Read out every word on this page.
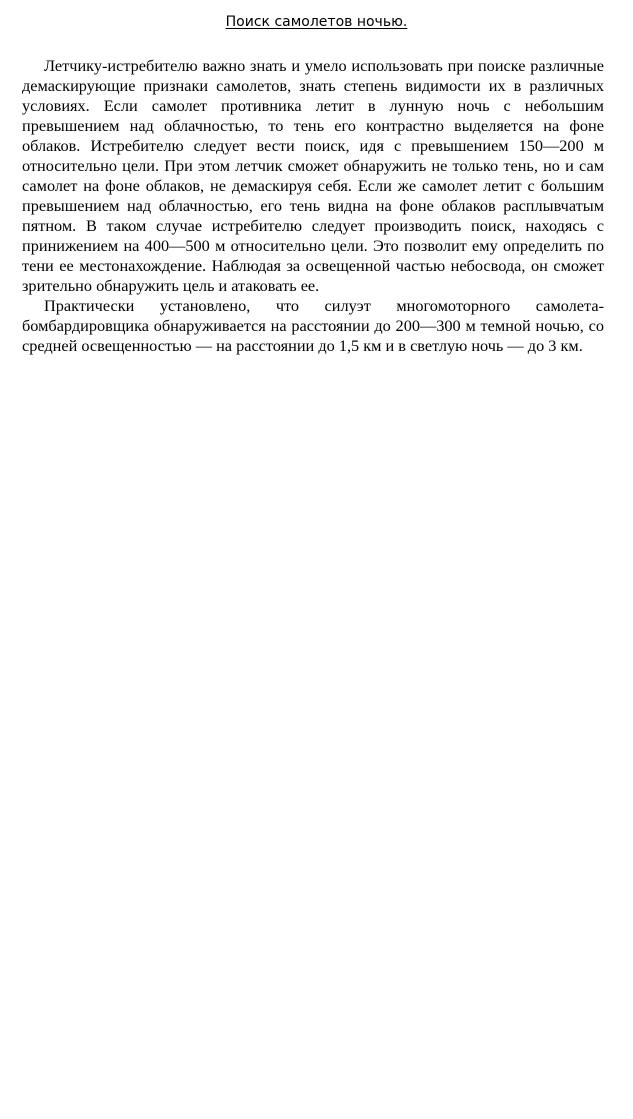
Поиск самолетов ночью.

Летчику-истребителю важно знать и умело использовать при поиске различные демаскирующие признаки самолетов, знать степень видимости их в различных условиях. Если самолет противника летит в лунную ночь с небольшим превышением над облачностью, то тень его контрастно выделяется на фоне облаков. Истребителю следует вести поиск, идя с превышением 150—200 м относительно цели. При этом летчик сможет обнаружить не только тень, но и сам самолет на фоне облаков, не демаскируя себя. Если же самолет летит с большим превышением над облачностью, его тень видна на фоне облаков расплывчатым пятном. В таком случае истребителю следует производить поиск, находясь с принижением на 400—500 м относительно цели. Это позволит ему определить по тени ее местонахождение. Наблюдая за освещенной частью небосвода, он сможет зрительно обнаружить цель и атаковать ее.

Практически установлено, что силуэт многомоторного самолета-бомбардировщика обнаруживается на расстоянии до 200—300 м темной ночью, со средней освещенностью — на расстоянии до 1,5 км и в светлую ночь — до 3 км.
